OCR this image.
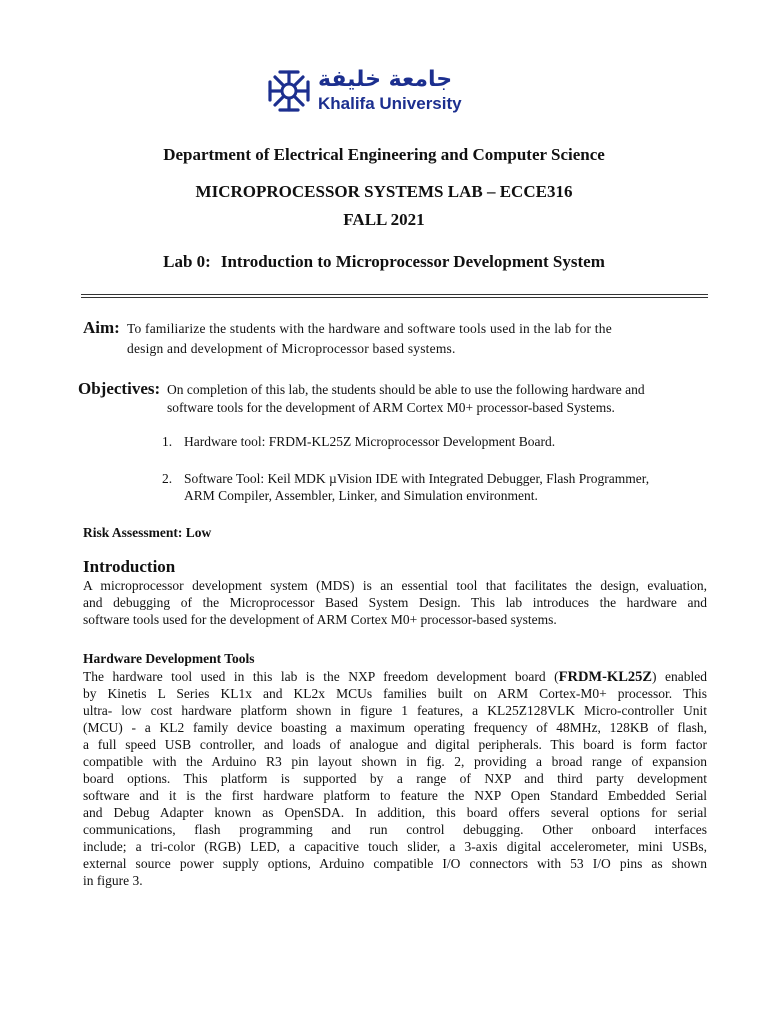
جامعة خليفة
Khalifa University
Department of Electrical Engineering and Computer Science
MICROPROCESSOR SYSTEMS LAB – ECCE316
FALL 2021
Lab 0: Introduction to Microprocessor Development System
Aim: To familiarize the students with the hardware and software tools used in the lab for the
design and development of Microprocessor based systems.
Objectives: On completion of this lab, the students should be able to use the following hardware and
software tools for the development of ARM Cortex M0+ processor-based Systems.
1. Hardware tool: FRDM-KL25Z Microprocessor Development Board.
2. Software Tool: Keil MDK µVision IDE with Integrated Debugger, Flash Programmer,
ARM Compiler, Assembler, Linker, and Simulation environment.
Risk Assessment: Low
Introduction
A microprocessor development system (MDS) is an essential tool that facilitates the design, evaluation,
and debugging of the Microprocessor Based System Design. This lab introduces the hardware and
software tools used for the development of ARM Cortex M0+ processor-based systems.
Hardware Development Tools
The hardware tool used in this lab is the NXP freedom development board (FRDM-KL25Z) enabled
by Kinetis L Series KL1x and KL2x MCUs families built on ARM Cortex-M0+ processor. This
ultra- low cost hardware platform shown in figure 1 features, a KL25Z128VLK Micro-controller Unit
(MCU) - a KL2 family device boasting a maximum operating frequency of 48MHz, 128KB of flash,
a full speed USB controller, and loads of analogue and digital peripherals. This board is form factor
compatible with the Arduino R3 pin layout shown in fig. 2, providing a broad range of expansion
board options. This platform is supported by a range of NXP and third party development
software and it is the first hardware platform to feature the NXP Open Standard Embedded Serial
and Debug Adapter known as OpenSDA. In addition, this board offers several options for serial
communications, flash programming and run control debugging. Other onboard interfaces
include; a tri-color (RGB) LED, a capacitive touch slider, a 3-axis digital accelerometer, mini USBs,
external source power supply options, Arduino compatible I/O connectors with 53 I/O pins as shown
in figure 3.
